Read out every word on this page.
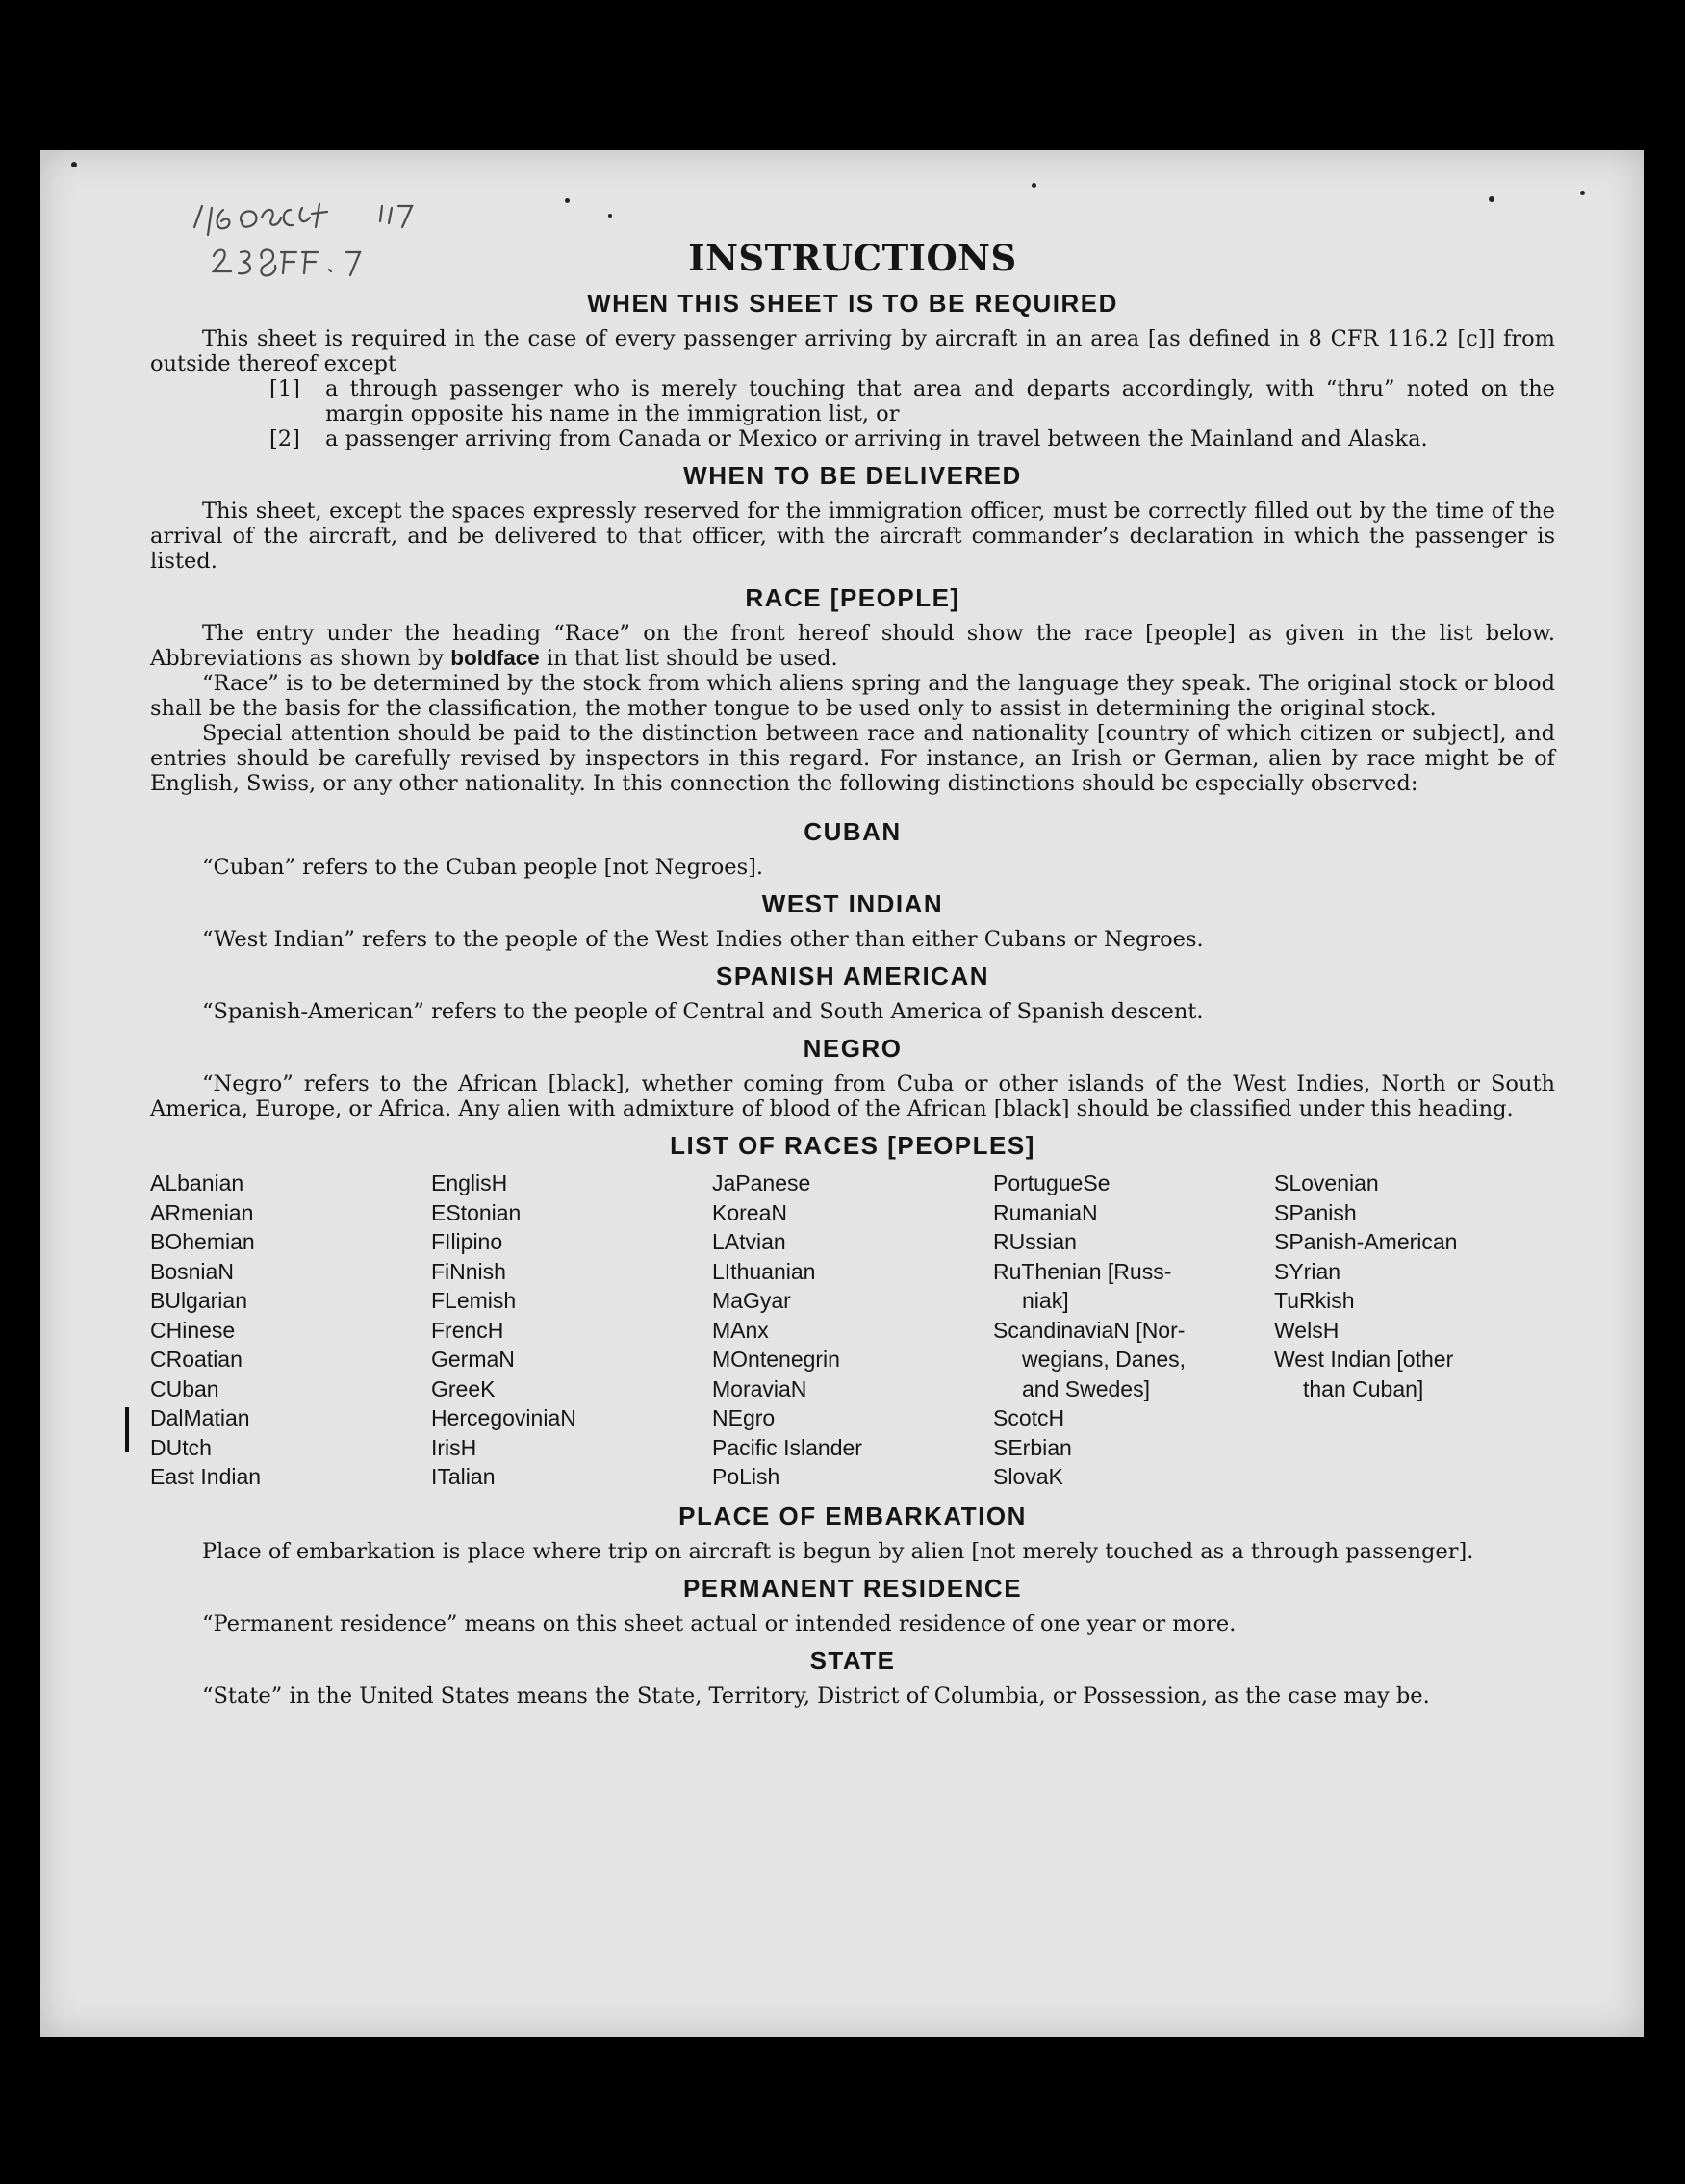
INSTRUCTIONS
WHEN THIS SHEET IS TO BE REQUIRED

This sheet is required in the case of every passenger arriving by aircraft in an area [as defined in 8 CFR 116.2 [c]] from outside thereof except

[1]	a through passenger who is merely touching that area and departs accordingly, with “thru” noted on the margin opposite his name in the immigration list, or
[2]	a passenger arriving from Canada or Mexico or arriving in travel between the Mainland and Alaska.
WHEN TO BE DELIVERED

This sheet, except the spaces expressly reserved for the immigration officer, must be correctly filled out by the time of the arrival of the aircraft, and be delivered to that officer, with the aircraft commander’s declaration in which the passenger is listed.

RACE [PEOPLE]

The entry under the heading “Race” on the front hereof should show the race [people] as given in the list below. Abbreviations as shown by boldface in that list should be used.

“Race” is to be determined by the stock from which aliens spring and the language they speak. The original stock or blood shall be the basis for the classification, the mother tongue to be used only to assist in determining the original stock.

Special attention should be paid to the distinction between race and nationality [country of which citizen or subject], and entries should be carefully revised by inspectors in this regard. For instance, an Irish or German, alien by race might be of English, Swiss, or any other nationality. In this connection the following distinctions should be especially observed:

CUBAN

“Cuban” refers to the Cuban people [not Negroes].

WEST INDIAN

“West Indian” refers to the people of the West Indies other than either Cubans or Negroes.

SPANISH AMERICAN

“Spanish-American” refers to the people of Central and South America of Spanish descent.

NEGRO

“Negro” refers to the African [black], whether coming from Cuba or other islands of the West Indies, North or South America, Europe, or Africa. Any alien with admixture of blood of the African [black] should be classified under this heading.

LIST OF RACES [PEOPLES]
ALbanian
ARmenian
BOhemian
BosniaN
BUlgarian
CHinese
CRoatian
CUban
DalMatian
DUtch
East Indian
EnglisH
EStonian
FIlipino
FiNnish
FLemish
FrencH
GermaN
GreeK
HercegoviniaN
IrisH
ITalian
JaPanese
KoreaN
LAtvian
LIthuanian
MaGyar
MAnx
MOntenegrin
MoraviaN
NEgro
Pacific Islander
PoLish
PortugueSe
RumaniaN
RUssian
RuThenian [Russ-
niak]
ScandinaviaN [Nor-
wegians, Danes,
and Swedes]
ScotcH
SErbian
SlovaK
SLovenian
SPanish
SPanish-American
SYrian
TuRkish
WelsH
West Indian [other
than Cuban]
PLACE OF EMBARKATION

Place of embarkation is place where trip on aircraft is begun by alien [not merely touched as a through passenger].

PERMANENT RESIDENCE

“Permanent residence” means on this sheet actual or intended residence of one year or more.

STATE

“State” in the United States means the State, Territory, District of Columbia, or Possession, as the case may be.
